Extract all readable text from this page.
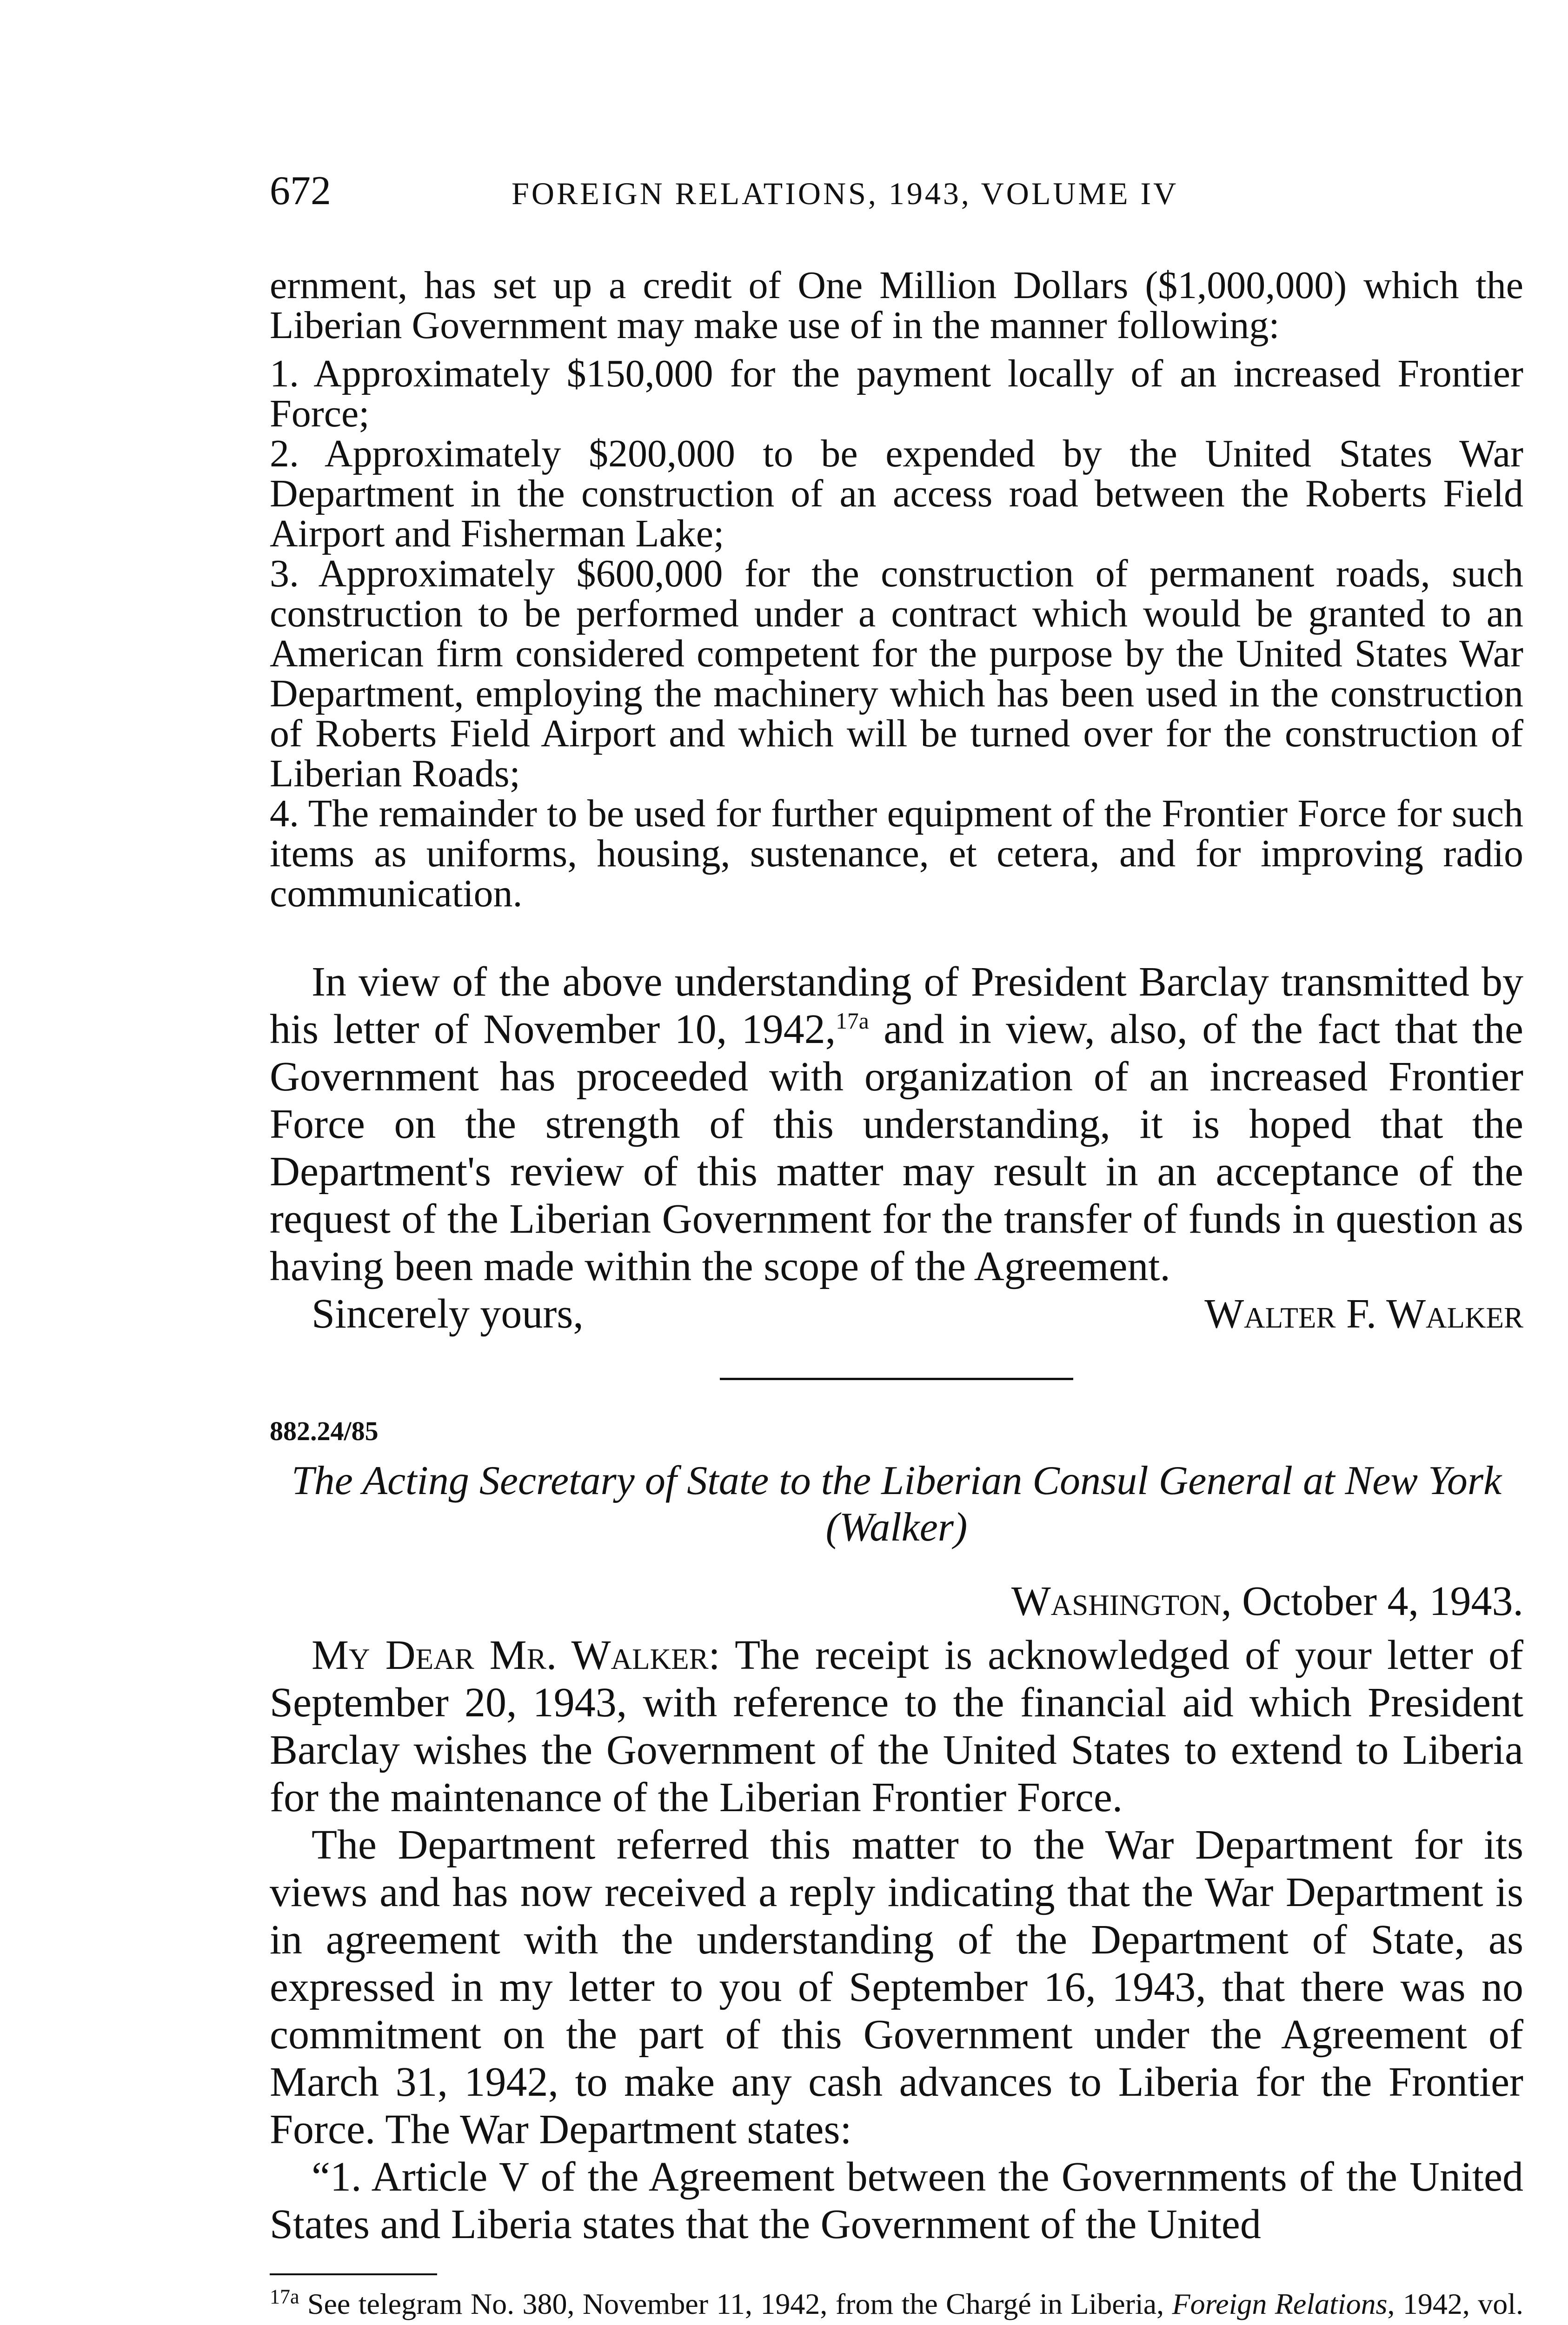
672	FOREIGN RELATIONS, 1943, VOLUME IV

ernment, has set up a credit of One Million Dollars ($1,000,000) which the Liberian Government may make use of in the manner following:

1. Approximately $150,000 for the payment locally of an increased Frontier Force;

2. Approximately $200,000 to be expended by the United States War Department in the construction of an access road between the Roberts Field Airport and Fisherman Lake;

3. Approximately $600,000 for the construction of permanent roads, such construction to be performed under a contract which would be granted to an American firm considered competent for the purpose by the United States War Department, employing the machinery which has been used in the construction of Roberts Field Airport and which will be turned over for the construction of Liberian Roads;

4. The remainder to be used for further equipment of the Frontier Force for such items as uniforms, housing, sustenance, et cetera, and for improving radio communication.

In view of the above understanding of President Barclay transmitted by his letter of November 10, 1942,$^{17a}$ and in view, also, of the fact that the Government has proceeded with organization of an increased Frontier Force on the strength of this understanding, it is hoped that the Department's review of this matter may result in an acceptance of the request of the Liberian Government for the transfer of funds in question as having been made within the scope of the Agreement.

Sincerely yours,	Walter F. Walker
882.24/85
The Acting Secretary of State to the Liberian Consul General at New York (Walker)
Washington, October 4, 1943.

My Dear Mr. Walker: The receipt is acknowledged of your letter of September 20, 1943, with reference to the financial aid which President Barclay wishes the Government of the United States to extend to Liberia for the maintenance of the Liberian Frontier Force.

The Department referred this matter to the War Department for its views and has now received a reply indicating that the War Department is in agreement with the understanding of the Department of State, as expressed in my letter to you of September 16, 1943, that there was no commitment on the part of this Government under the Agreement of March 31, 1942, to make any cash advances to Liberia for the Frontier Force. The War Department states:

“1. Article V of the Agreement between the Governments of the United States and Liberia states that the Government of the United

$^{17a}$ See telegram No. 380, November 11, 1942, from the Chargé in Liberia, Foreign Relations, 1942, vol.
